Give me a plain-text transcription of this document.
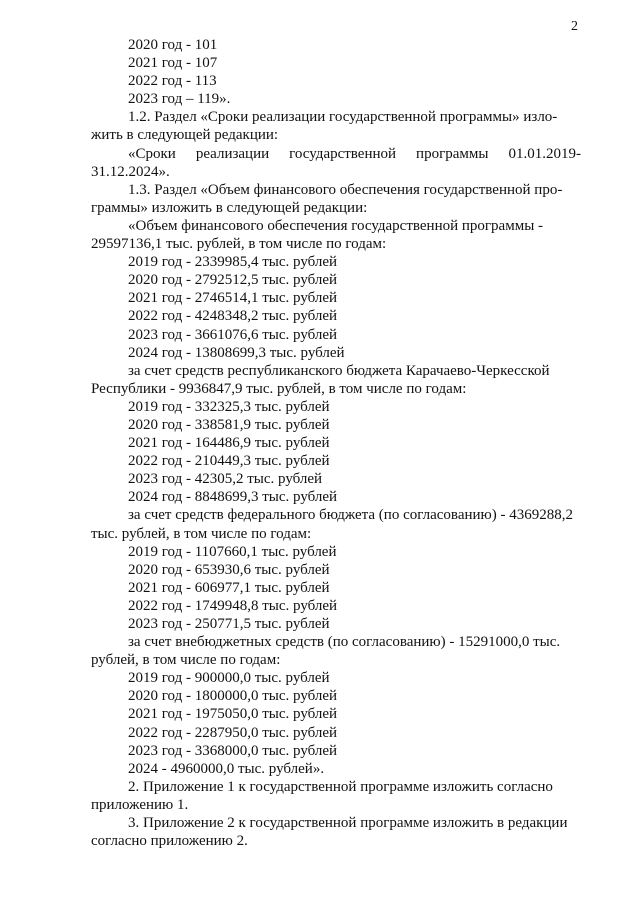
2
2020 год - 101
2021 год - 107
2022 год - 113
2023 год – 119».
1.2. Раздел «Сроки реализации государственной программы» изло-
жить в следующей редакции:
«Сроки реализации государственной программы 01.01.2019-
31.12.2024».
1.3. Раздел «Объем финансового обеспечения государственной про-
граммы» изложить в следующей редакции:
«Объем финансового обеспечения государственной программы -
29597136,1 тыс. рублей, в том числе по годам:
2019 год - 2339985,4 тыс. рублей
2020 год - 2792512,5 тыс. рублей
2021 год - 2746514,1 тыс. рублей
2022 год - 4248348,2 тыс. рублей
2023 год - 3661076,6 тыс. рублей
2024 год - 13808699,3 тыс. рублей
за счет средств республиканского бюджета Карачаево-Черкесской
Республики - 9936847,9 тыс. рублей, в том числе по годам:
2019 год - 332325,3 тыс. рублей
2020 год - 338581,9 тыс. рублей
2021 год - 164486,9 тыс. рублей
2022 год - 210449,3 тыс. рублей
2023 год - 42305,2 тыс. рублей
2024 год - 8848699,3 тыс. рублей
за счет средств федерального бюджета (по согласованию) - 4369288,2
тыс. рублей, в том числе по годам:
2019 год - 1107660,1 тыс. рублей
2020 год - 653930,6 тыс. рублей
2021 год - 606977,1 тыс. рублей
2022 год - 1749948,8 тыс. рублей
2023 год - 250771,5 тыс. рублей
за счет внебюджетных средств (по согласованию) - 15291000,0 тыс.
рублей, в том числе по годам:
2019 год - 900000,0 тыс. рублей
2020 год - 1800000,0 тыс. рублей
2021 год - 1975050,0 тыс. рублей
2022 год - 2287950,0 тыс. рублей
2023 год - 3368000,0 тыс. рублей
2024 - 4960000,0 тыс. рублей».
2. Приложение 1 к государственной программе изложить согласно
приложению 1.
3. Приложение 2 к государственной программе изложить в редакции
согласно приложению 2.
